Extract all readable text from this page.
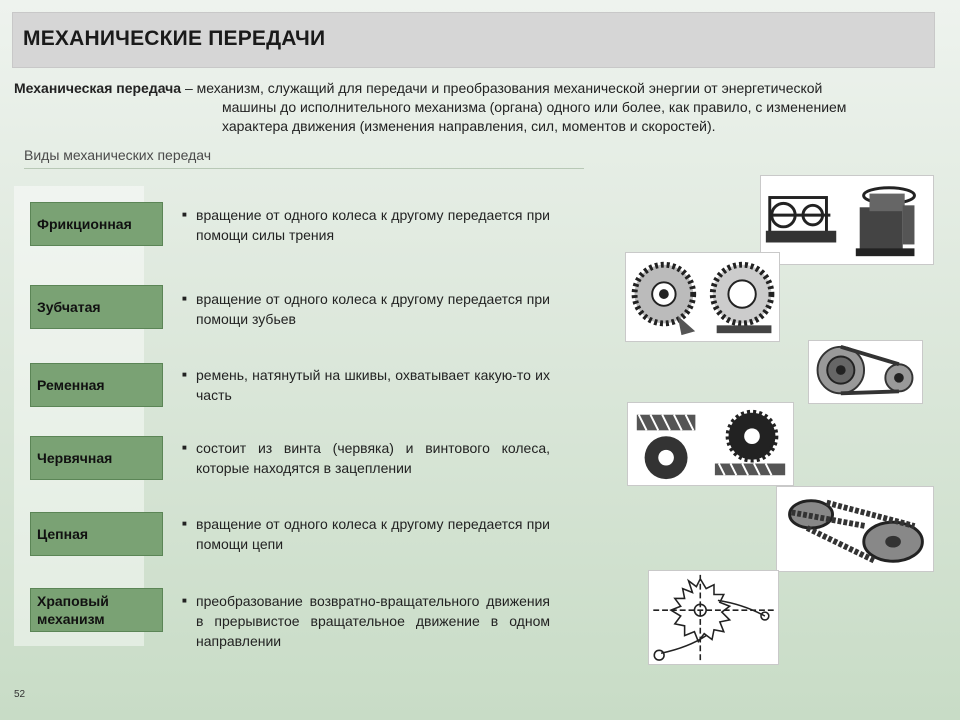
МЕХАНИЧЕСКИЕ ПЕРЕДАЧИ
Механическая передача – механизм, служащий для передачи и преобразования механической энергии от энергетической
машины до исполнительного механизма (органа) одного или более, как правило, с изменением
характера движения (изменения направления, сил, моментов и скоростей).
Виды механических передач
Фрикционная
Зубчатая
Ременная
Червячная
Цепная
Храповый механизм
■ вращение от одного колеса к другому передается при помощи силы трения
■ вращение от одного колеса к другому передается при помощи зубьев
■ ремень, натянутый на шкивы, охватывает какую-то их часть
■ состоит из винта (червяка) и винтового колеса, которые находятся в зацеплении
■ вращение от одного колеса к другому передается при помощи цепи
■ преобразование возвратно-вращательного движения в прерывистое вращательное движение в одном направлении
52
